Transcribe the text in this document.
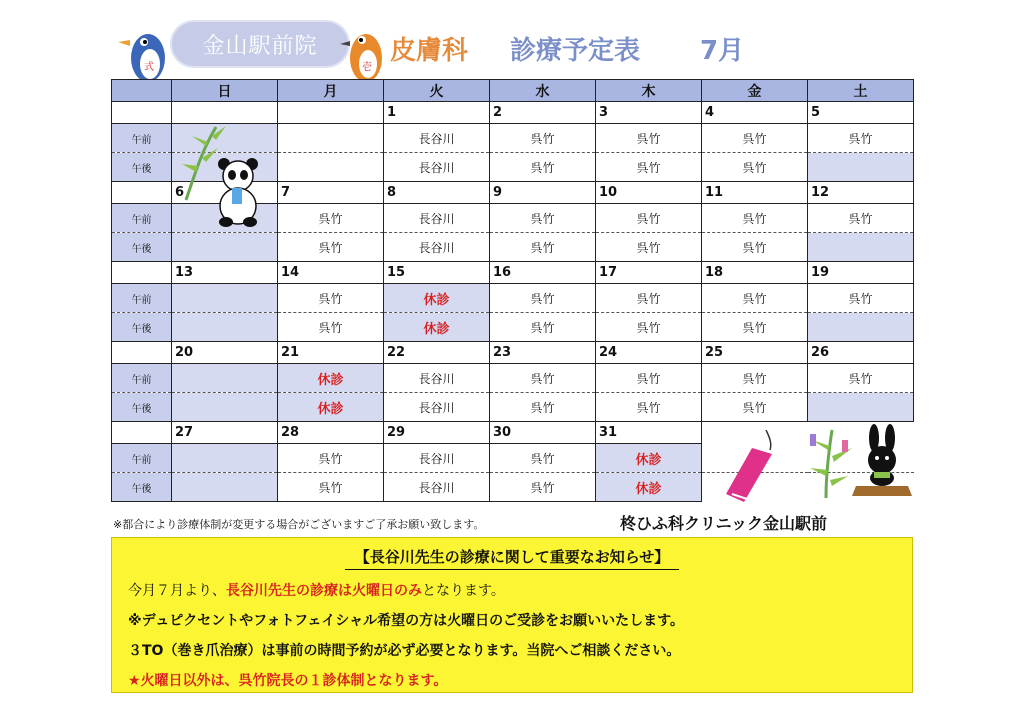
式
金山駅前院
壱
皮膚科 診療予定表 7月
	日	月	火	水	木	金	土
			1	2	3	4	5
午前			長谷川	呉竹	呉竹	呉竹	呉竹
午後			長谷川	呉竹	呉竹	呉竹	
	6	7	8	9	10	11	12
午前		呉竹	長谷川	呉竹	呉竹	呉竹	呉竹
午後		呉竹	長谷川	呉竹	呉竹	呉竹	
	13	14	15	16	17	18	19
午前		呉竹	休診	呉竹	呉竹	呉竹	呉竹
午後		呉竹	休診	呉竹	呉竹	呉竹	
	20	21	22	23	24	25	26
午前		休診	長谷川	呉竹	呉竹	呉竹	呉竹
午後		休診	長谷川	呉竹	呉竹	呉竹	
	27	28	29	30	31		
午前		呉竹	長谷川	呉竹	休診		
午後		呉竹	長谷川	呉竹	休診		
※都合により診療体制が変更する場合がございますご了承お願い致します。	柊ひふ科クリニック金山駅前
【長谷川先生の診療に関して重要なお知らせ】
今月７月より、長谷川先生の診療は火曜日のみとなります。
※デュピクセントやフォトフェイシャル希望の方は火曜日のご受診をお願いいたします。
３TO（巻き爪治療）は事前の時間予約が必ず必要となります。当院へご相談ください。
★火曜日以外は、呉竹院長の１診体制となります。
